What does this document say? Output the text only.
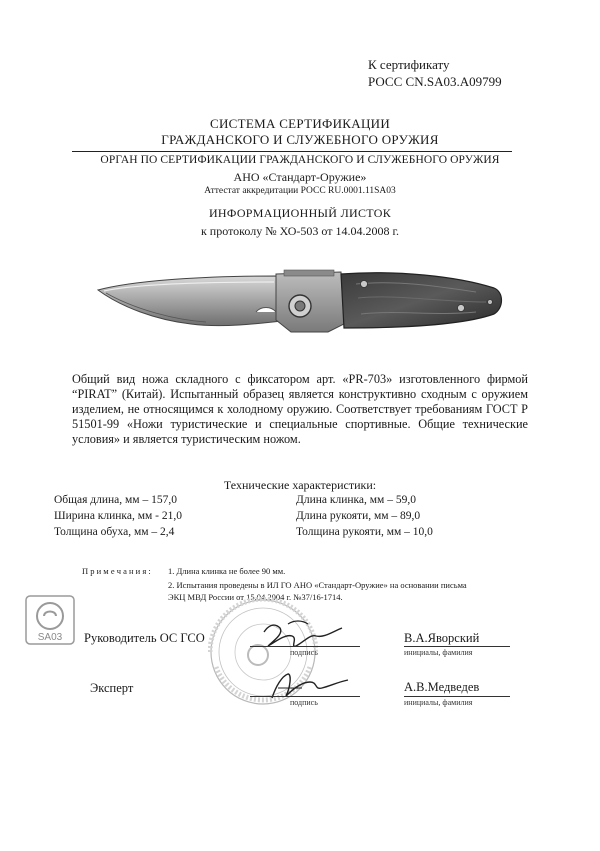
К сертификату
РОСС CN.SA03.A09799
СИСТЕМА СЕРТИФИКАЦИИ
ГРАЖДАНСКОГО И СЛУЖЕБНОГО ОРУЖИЯ
ОРГАН ПО СЕРТИФИКАЦИИ ГРАЖДАНСКОГО И СЛУЖЕБНОГО ОРУЖИЯ
АНО «Стандарт-Оружие»
Аттестат аккредитации РОСС RU.0001.11SA03
ИНФОРМАЦИОННЫЙ ЛИСТОК
к протоколу № ХО-503 от 14.04.2008 г.
Общий вид ножа складного с фиксатором арт. «PR-703» изготовленного фирмой “PIRAT” (Китай). Испытанный образец является конструктивно сходным с оружием изделием, не относящимся к холодному оружию. Соответствует требованиям ГОСТ Р 51501-99 «Ножи туристические и специальные спортивные. Общие технические условия» и является туристическим ножом.
Технические характеристики:
Общая длина, мм – 157,0
Ширина клинка, мм - 21,0
Толщина обуха, мм – 2,4
Длина клинка, мм – 59,0
Длина рукояти, мм – 89,0
Толщина рукояти, мм – 10,0
П р и м е ч а н и я : 1. Длина клинка не более 90 мм.
2. Испытания проведены в ИЛ ГО АНО «Стандарт-Оружие» на основании письма
ЭКЦ МВД России от 15.04.2004 г. №37/16-1714.
SA03 Руководитель ОС ГСО
подпись
В.А.Яворский
инициалы, фамилия
Эксперт
подпись
А.В.Медведев
инициалы, фамилия
